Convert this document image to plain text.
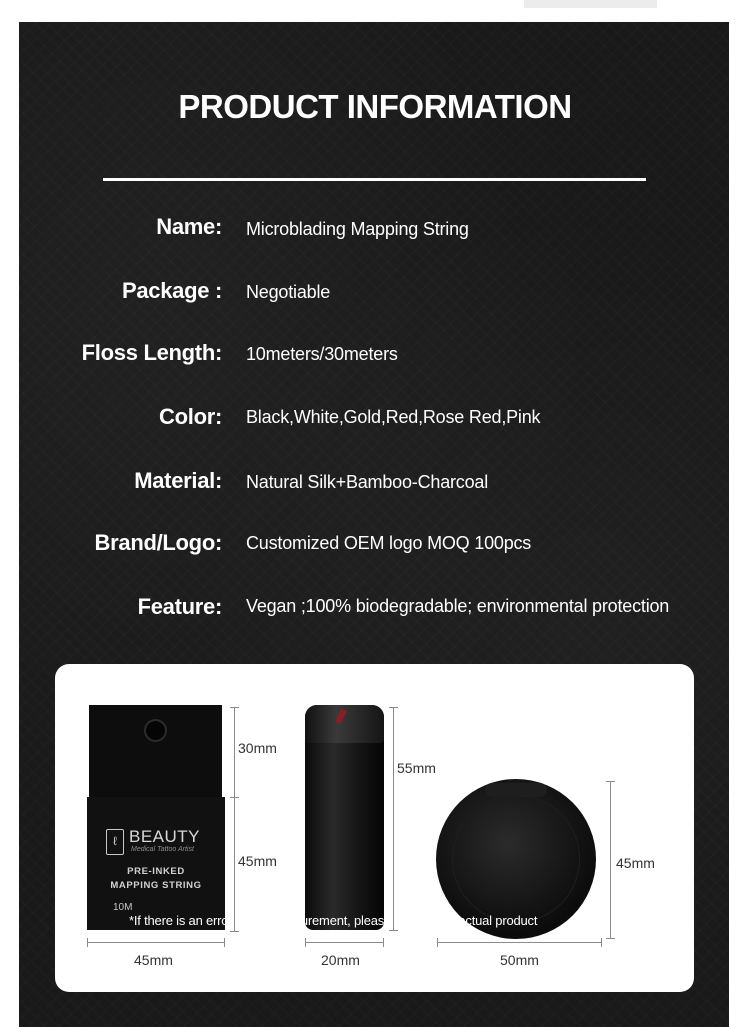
PRODUCT INFORMATION
Name: Microblading Mapping String
Package : Negotiable
Floss Length: 10meters/30meters
Color: Black,White,Gold,Red,Rose Red,Pink
Material: Natural Silk+Bamboo-Charcoal
Brand/Logo: Customized OEM logo MOQ 100pcs
Feature: Vegan ;100% biodegradable; environmental protection
ℓ BEAUTY
Medical Tattoo Artist
PRE-INKED
MAPPING STRING
10M
30mm
45mm
45mm
55mm
20mm
45mm
50mm
*If there is an error in the measurement, please refer to the actual product
